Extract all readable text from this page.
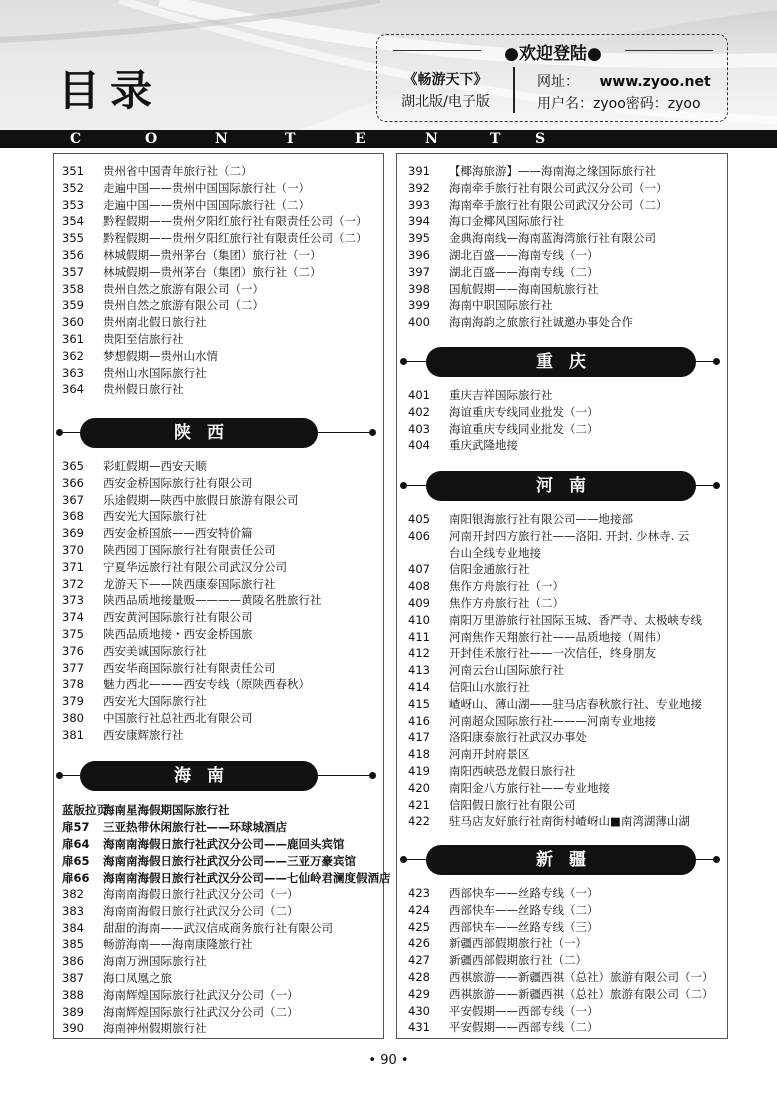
目录
●欢迎登陆●
《畅游天下》
湖北版/电子版
网址： www.zyoo.net
用户名：zyoo密码：zyoo
C	O	N	T	E	N	T S
陕西
海南
重庆
河南
新疆
351 贵州省中国青年旅行社（二）
352 走遍中国——贵州中国国际旅行社（一）
353 走遍中国——贵州中国国际旅行社（二）
354 黔程假期——贵州夕阳红旅行社有限责任公司（一）
355 黔程假期——贵州夕阳红旅行社有限责任公司（二）
356 林城假期—贵州茅台（集团）旅行社（一）
357 林城假期—贵州茅台（集团）旅行社（二）
358 贵州自然之旅游有限公司（一）
359 贵州自然之旅游有限公司（二）
360 贵州南北假日旅行社
361 贵阳至信旅行社
362 梦想假期—贵州山水情
363 贵州山水国际旅行社
364 贵州假日旅行社
365 彩虹假期—西安天顺
366 西安金桥国际旅行社有限公司
367 乐途假期—陕西中旅假日旅游有限公司
368 西安光大国际旅行社
369 西安金桥国旅——西安特价篇
370 陕西园丁国际旅行社有限责任公司
371 宁夏华远旅行社有限公司武汉分公司
372 龙游天下——陕西康泰国际旅行社
373 陕西品质地接量贩————黄陵名胜旅行社
374 西安黄河国际旅行社有限公司
375 陕西品质地接・西安金桥国旅
376 西安美诚国际旅行社
377 西安华商国际旅行社有限责任公司
378 魅力西北———西安专线（原陕西春秋）
379 西安光大国际旅行社
380 中国旅行社总社西北有限公司
381 西安康辉旅行社
蓝版拉页海南星海假期国际旅行社
扉57 三亚热带休闲旅行社——环球城酒店
扉64 海南南海假日旅行社武汉分公司——鹿回头宾馆
扉65 海南南海假日旅行社武汉分公司——三亚万豪宾馆
扉66 海南南海假日旅行社武汉分公司——七仙岭君澜度假酒店
382 海南南海假日旅行社武汉分公司（一）
383 海南南海假日旅行社武汉分公司（二）
384 甜甜的海南——武汉信成商务旅行社有限公司
385 畅游海南——海南康隆旅行社
386 海南万洲国际旅行社
387 海口凤凰之旅
388 海南辉煌国际旅行社武汉分公司（一）
389 海南辉煌国际旅行社武汉分公司（二）
390 海南神州假期旅行社
391 【椰海旅游】——海南海之缘国际旅行社
392 海南牵手旅行社有限公司武汉分公司（一）
393 海南牵手旅行社有限公司武汉分公司（二）
394 海口金椰风国际旅行社
395 金典海南线—海南蓝海湾旅行社有限公司
396 湖北百盛——海南专线（一）
397 湖北百盛——海南专线（二）
398 国航假期——海南国航旅行社
399 海南中职国际旅行社
400 海南海韵之旅旅行社诚邀办事处合作
401 重庆吉祥国际旅行社
402 海谊重庆专线同业批发（一）
403 海谊重庆专线同业批发（二）
404 重庆武隆地接
405 南阳银海旅行社有限公司——地接部
406 河南开封四方旅行社——洛阳. 开封. 少林寺. 云
台山全线专业地接
407 信阳金通旅行社
408 焦作方舟旅行社（一）
409 焦作方舟旅行社（二）
410 南阳万里游旅行社国际玉城、香严寺、太极峡专线
411 河南焦作天翔旅行社——品质地接（周伟）
412 开封佳禾旅行社——一次信任，终身朋友
413 河南云台山国际旅行社
414 信阳山水旅行社
415 嵖岈山、薄山湖——驻马店春秋旅行社、专业地接
416 河南超众国际旅行社———河南专业地接
417 洛阳康泰旅行社武汉办事处
418 河南开封府景区
419 南阳西峡恐龙假日旅行社
420 南阳金八方旅行社——专业地接
421 信阳假日旅行社有限公司
422 驻马店友好旅行社南街村嵖岈山■南湾湖薄山湖
423 西部快车——丝路专线（一）
424 西部快车——丝路专线（二）
425 西部快车——丝路专线（三）
426 新疆西部假期旅行社（一）
427 新疆西部假期旅行社（二）
428 西祺旅游——新疆西祺（总社）旅游有限公司（一）
429 西祺旅游——新疆西祺（总社）旅游有限公司（二）
430 平安假期——西部专线（一）
431 平安假期——西部专线（二）
• 90 •
